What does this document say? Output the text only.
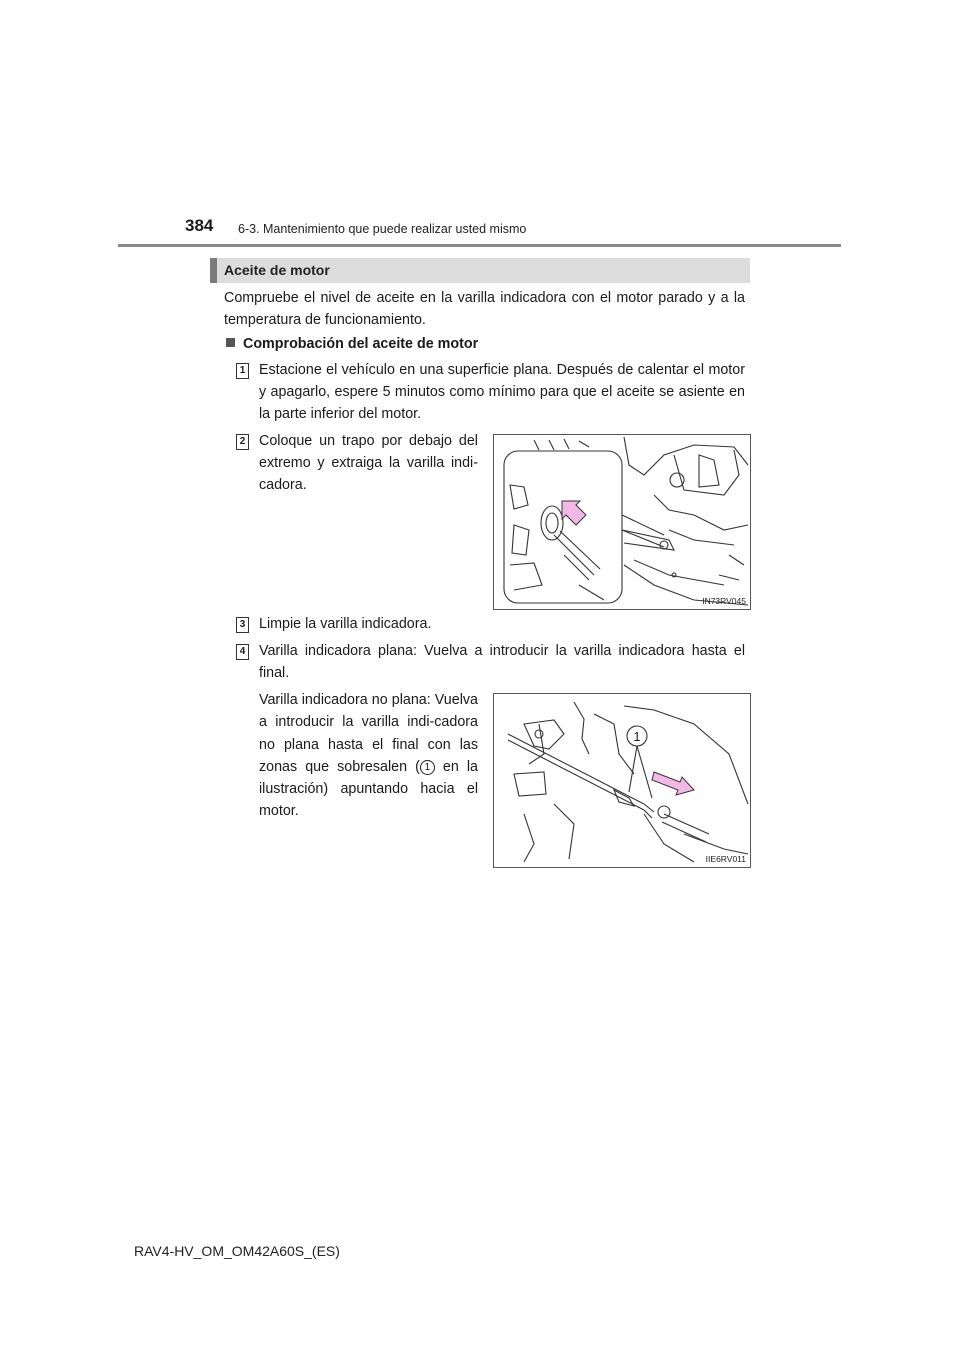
384 6-3. Mantenimiento que puede realizar usted mismo
Aceite de motor
Compruebe el nivel de aceite en la varilla indicadora con el motor parado y a la temperatura de funcionamiento.
Comprobación del aceite de motor
1 Estacione el vehículo en una superficie plana. Después de calentar el motor y apagarlo, espere 5 minutos como mínimo para que el aceite se asiente en la parte inferior del motor.
2 Coloque un trapo por debajo del extremo y extraiga la varilla indi-cadora.
IN73RV045
3 Limpie la varilla indicadora.
4 Varilla indicadora plana: Vuelva a introducir la varilla indicadora hasta el final.
Varilla indicadora no plana: Vuelva a introducir la varilla indi-cadora no plana hasta el final con las zonas que sobresalen ( 1 en la ilustración) apuntando hacia el motor.
1
IIE6RV011
RAV4-HV_OM_OM42A60S_(ES)
